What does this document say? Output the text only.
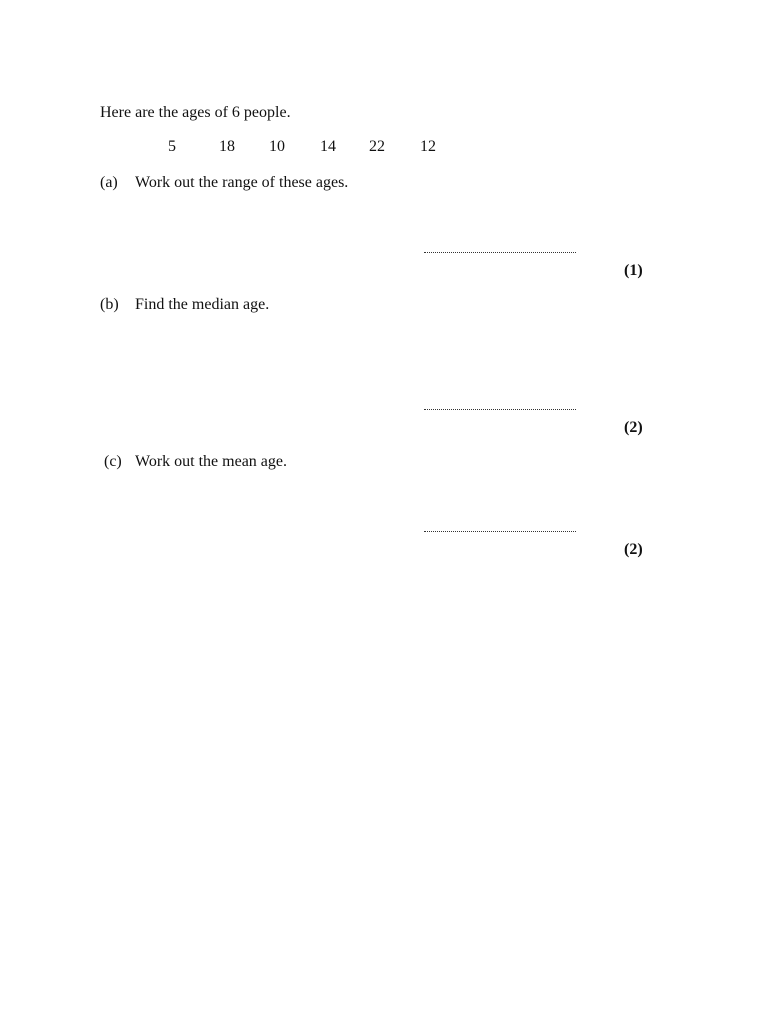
Here are the ages of 6 people.
5	18	10	14	22	12
(a) Work out the range of these ages.
(1)
(b) Find the median age.
(2)
(c) Work out the mean age.
(2)
